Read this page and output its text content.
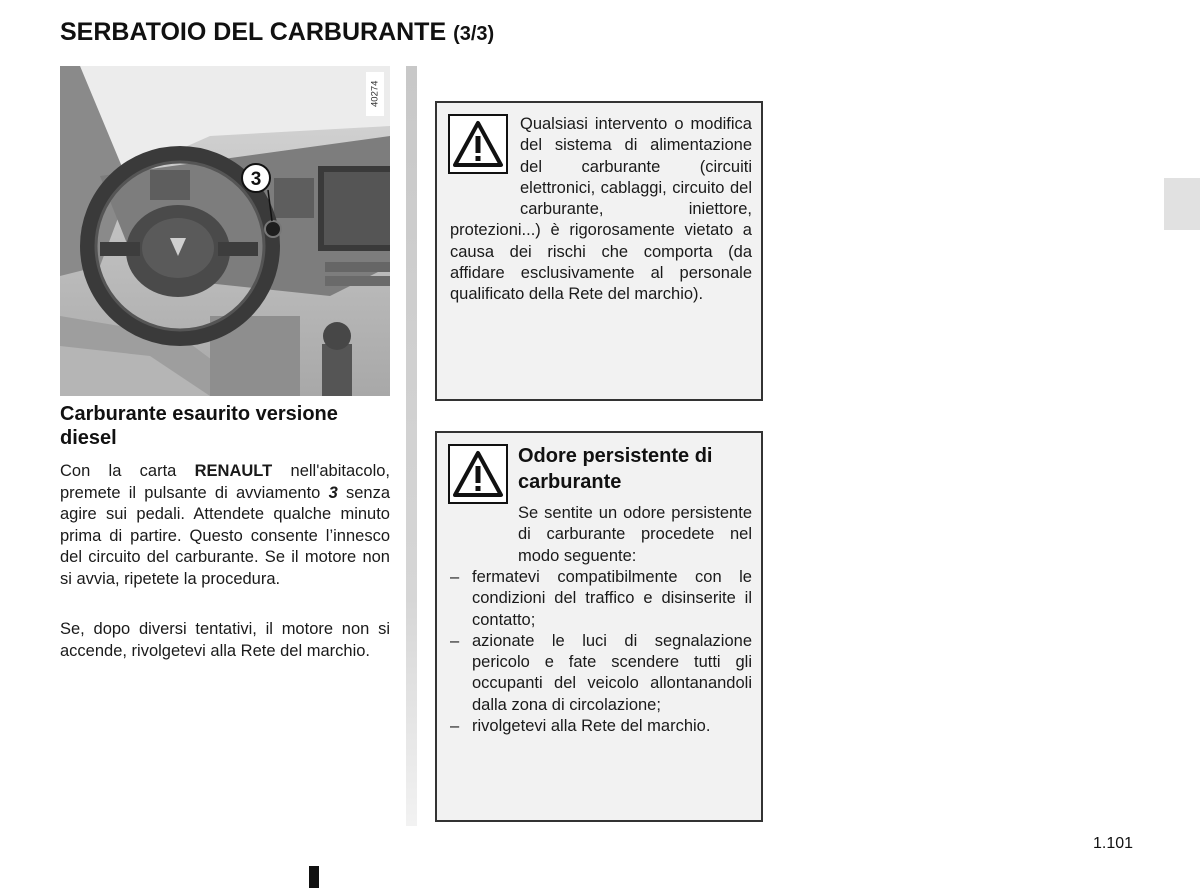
SERBATOIO DEL CARBURANTE (3/3)
3
40274
Carburante esaurito versione diesel

Con la carta RENAULT nell'abitacolo, premete il pulsante di avviamento 3 senza agire sui pedali. Attendete qualche minuto prima di partire. Questo consente l’innesco del circuito del carburante. Se il motore non si avvia, ripetete la procedura.

Se, dopo diversi tentativi, il motore non si accende, rivolgetevi alla Rete del marchio.

Qualsiasi intervento o modifica del sistema di alimentazione del carburante (circuiti elettronici, cablaggi, circuito del carburante, iniettore, protezioni...) è rigorosamente vietato a causa dei rischi che comporta (da affidare esclusivamente al personale qualificato della Rete del marchio).
Odore persistente di carburante
Se sentite un odore persistente di carburante procedete nel modo seguente:
– fermatevi compatibilmente con le condizioni del traffico e disinserite il contatto;
– azionate le luci di segnalazione pericolo e fate scendere tutti gli occupanti del veicolo allontanandoli dalla zona di circolazione;
– rivolgetevi alla Rete del marchio.
1.101
